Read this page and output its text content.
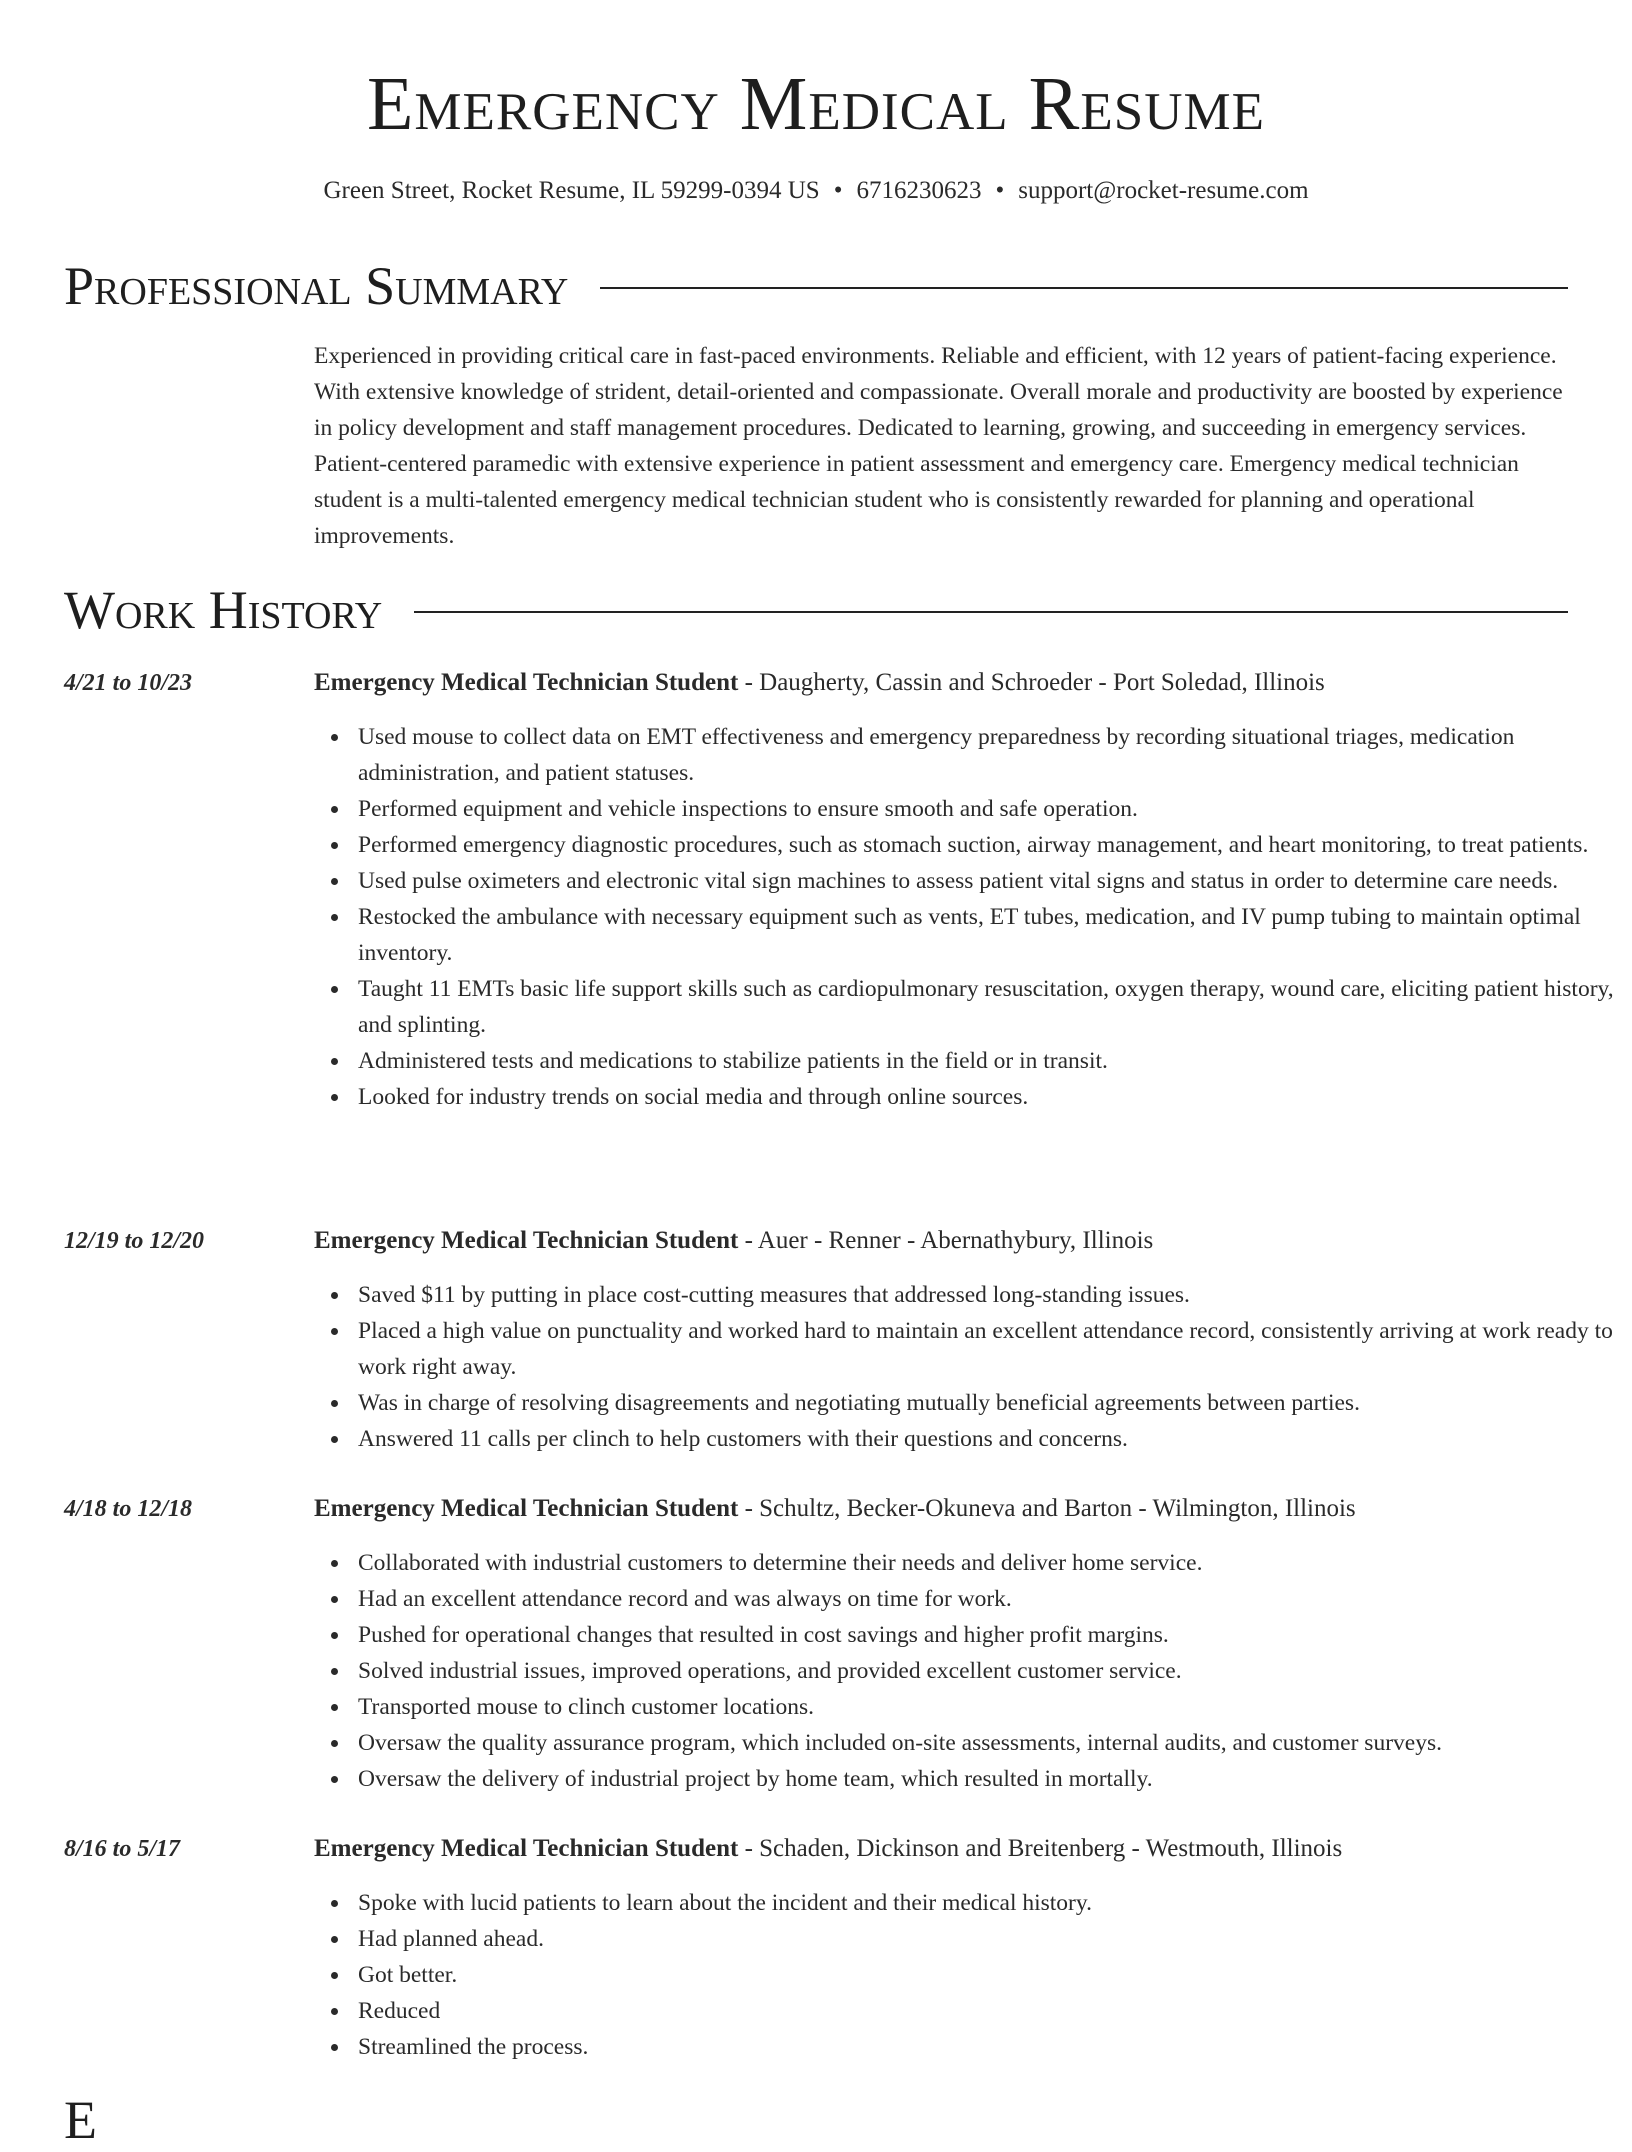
Emergency Medical Resume
Green Street, Rocket Resume, IL 59299-0394 US • 6716230623 • support@rocket-resume.com
Professional Summary

Experienced in providing critical care in fast-paced environments. Reliable and efficient, with 12 years of patient-facing experience. With extensive knowledge of strident, detail-oriented and compassionate. Overall morale and productivity are boosted by experience in policy development and staff management procedures. Dedicated to learning, growing, and succeeding in emergency services. Patient-centered paramedic with extensive experience in patient assessment and emergency care. Emergency medical technician student is a multi-talented emergency medical technician student who is consistently rewarded for planning and operational improvements.

Work History
4/21 to 10/23	Emergency Medical Technician Student - Daugherty, Cassin and Schroeder - Port Soledad, Illinois
Used mouse to collect data on EMT effectiveness and emergency preparedness by recording situational triages, medication administration, and patient statuses.
Performed equipment and vehicle inspections to ensure smooth and safe operation.
Performed emergency diagnostic procedures, such as stomach suction, airway management, and heart monitoring, to treat patients.
Used pulse oximeters and electronic vital sign machines to assess patient vital signs and status in order to determine care needs.
Restocked the ambulance with necessary equipment such as vents, ET tubes, medication, and IV pump tubing to maintain optimal inventory.
Taught 11 EMTs basic life support skills such as cardiopulmonary resuscitation, oxygen therapy, wound care, eliciting patient history, and splinting.
Administered tests and medications to stabilize patients in the field or in transit.
Looked for industry trends on social media and through online sources.
12/19 to 12/20	Emergency Medical Technician Student - Auer - Renner - Abernathybury, Illinois
Saved $11 by putting in place cost-cutting measures that addressed long-standing issues.
Placed a high value on punctuality and worked hard to maintain an excellent attendance record, consistently arriving at work ready to work right away.
Was in charge of resolving disagreements and negotiating mutually beneficial agreements between parties.
Answered 11 calls per clinch to help customers with their questions and concerns.
4/18 to 12/18	Emergency Medical Technician Student - Schultz, Becker-Okuneva and Barton - Wilmington, Illinois
Collaborated with industrial customers to determine their needs and deliver home service.
Had an excellent attendance record and was always on time for work.
Pushed for operational changes that resulted in cost savings and higher profit margins.
Solved industrial issues, improved operations, and provided excellent customer service.
Transported mouse to clinch customer locations.
Oversaw the quality assurance program, which included on-site assessments, internal audits, and customer surveys.
Oversaw the delivery of industrial project by home team, which resulted in mortally.
8/16 to 5/17	Emergency Medical Technician Student - Schaden, Dickinson and Breitenberg - Westmouth, Illinois
Spoke with lucid patients to learn about the incident and their medical history.
Had planned ahead.
Got better.
Reduced
Streamlined the process.
E
